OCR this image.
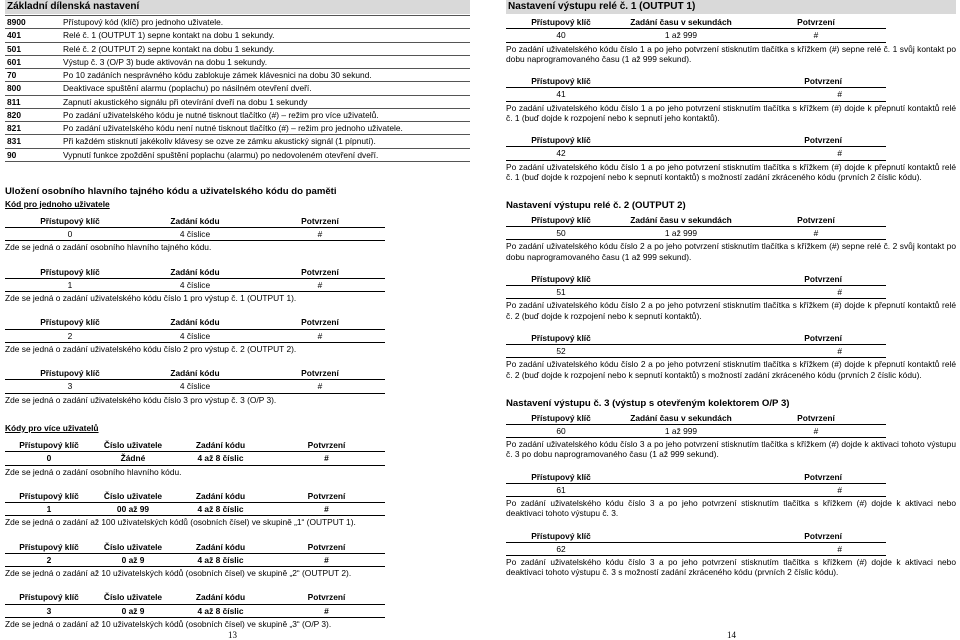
Základní dílenská nastavení
8900	Přístupový kód (klíč) pro jednoho uživatele.
401	Relé č. 1 (OUTPUT 1) sepne kontakt na dobu 1 sekundy.
501	Relé č. 2 (OUTPUT 2) sepne kontakt na dobu 1 sekundy.
601	Výstup č. 3 (O/P 3) bude aktivován na dobu 1 sekundy.
70	Po 10 zadáních nesprávného kódu zablokuje zámek klávesnici na dobu 30 sekund.
800	Deaktivace spuštění alarmu (poplachu) po násilném otevření dveří.
811	Zapnutí akustického signálu při otevírání dveří na dobu 1 sekundy
820	Po zadání uživatelského kódu je nutné tisknout tlačítko (#) – režim pro více uživatelů.
821	Po zadání uživatelského kódu není nutné tisknout tlačítko (#) – režim pro jednoho uživatele.
831	Při každém stisknutí jakékoliv klávesy se ozve ze zámku akustický signál (1 pípnutí).
90	Vypnutí funkce zpoždění spuštění poplachu (alarmu) po nedovoleném otevření dveří.
Uložení osobního hlavního tajného kódu a uživatelského kódu do paměti
Kód pro jednoho uživatele
Přístupový klíč	Zadání kódu	Potvrzení
0	4 číslice	#
Zde se jedná o zadání osobního hlavního tajného kódu.
Přístupový klíč	Zadání kódu	Potvrzení
1	4 číslice	#
Zde se jedná o zadání uživatelského kódu číslo 1 pro výstup č. 1 (OUTPUT 1).
Přístupový klíč	Zadání kódu	Potvrzení
2	4 číslice	#
Zde se jedná o zadání uživatelského kódu číslo 2 pro výstup č. 2 (OUTPUT 2).
Přístupový klíč	Zadání kódu	Potvrzení
3	4 číslice	#
Zde se jedná o zadání uživatelského kódu číslo 3 pro výstup č. 3 (O/P 3).
Kódy pro více uživatelů
Přístupový klíč	Číslo uživatele	Zadání kódu	Potvrzení
0	Žádné	4 až 8 číslic	#
Zde se jedná o zadání osobního hlavního kódu.
Přístupový klíč	Číslo uživatele	Zadání kódu	Potvrzení
1	00 až 99	4 až 8 číslic	#
Zde se jedná o zadání až 100 uživatelských kódů (osobních čísel) ve skupině „1“ (OUTPUT 1).
Přístupový klíč	Číslo uživatele	Zadání kódu	Potvrzení
2	0 až 9	4 až 8 číslic	#
Zde se jedná o zadání až 10 uživatelských kódů (osobních čísel) ve skupině „2“ (OUTPUT 2).
Přístupový klíč	Číslo uživatele	Zadání kódu	Potvrzení
3	0 až 9	4 až 8 číslic	#
Zde se jedná o zadání až 10 uživatelských kódů (osobních čísel) ve skupině „3“ (O/P 3).
Nastavení výstupu relé č. 1 (OUTPUT 1)
Přístupový klíč	Zadání času v sekundách	Potvrzení
40	1 až 999	#
Po zadání uživatelského kódu číslo 1 a po jeho potvrzení stisknutím tlačítka s křížkem (#) sepne relé č. 1 svůj kontakt po dobu naprogramovaného času (1 až 999 sekund).
Přístupový klíč	Potvrzení
41	#
Po zadání uživatelského kódu číslo 1 a po jeho potvrzení stisknutím tlačítka s křížkem (#) dojde k přepnutí kontaktů relé č. 1 (buď dojde k rozpojení nebo k sepnutí jeho kontaktů).
Přístupový klíč	Potvrzení
42	#
Po zadání uživatelského kódu číslo 1 a po jeho potvrzení stisknutím tlačítka s křížkem (#) dojde k přepnutí kontaktů relé č. 1 (buď dojde k rozpojení nebo k sepnutí kontaktů) s možností zadání zkráceného kódu (prvních 2 číslic kódu).
Nastavení výstupu relé č. 2 (OUTPUT 2)
Přístupový klíč	Zadání času v sekundách	Potvrzení
50	1 až 999	#
Po zadání uživatelského kódu číslo 2 a po jeho potvrzení stisknutím tlačítka s křížkem (#) sepne relé č. 2 svůj kontakt po dobu naprogramovaného času (1 až 999 sekund).
Přístupový klíč	Potvrzení
51	#
Po zadání uživatelského kódu číslo 2 a po jeho potvrzení stisknutím tlačítka s křížkem (#) dojde k přepnutí kontaktů relé č. 2 (buď dojde k rozpojení nebo k sepnutí kontaktů).
Přístupový klíč	Potvrzení
52	#
Po zadání uživatelského kódu číslo 2 a po jeho potvrzení stisknutím tlačítka s křížkem (#) dojde k přepnutí kontaktů relé č. 2 (buď dojde k rozpojení nebo k sepnutí kontaktů) s možností zadání zkráceného kódu (prvních 2 číslic kódu).
Nastavení výstupu č. 3 (výstup s otevřeným kolektorem O/P 3)
Přístupový klíč	Zadání času v sekundách	Potvrzení
60	1 až 999	#
Po zadání uživatelského kódu číslo 3 a po jeho potvrzení stisknutím tlačítka s křížkem (#) dojde k aktivaci tohoto výstupu č. 3 po dobu naprogramovaného času (1 až 999 sekund).
Přístupový klíč	Potvrzení
61	#
Po zadání uživatelského kódu číslo 3 a po jeho potvrzení stisknutím tlačítka s křížkem (#) dojde k aktivaci nebo deaktivaci tohoto výstupu č. 3.
Přístupový klíč	Potvrzení
62	#
Po zadání uživatelského kódu číslo 3 a po jeho potvrzení stisknutím tlačítka s křížkem (#) dojde k aktivaci nebo deaktivaci tohoto výstupu č. 3 s možností zadání zkráceného kódu (prvních 2 číslic kódu).
13	14
